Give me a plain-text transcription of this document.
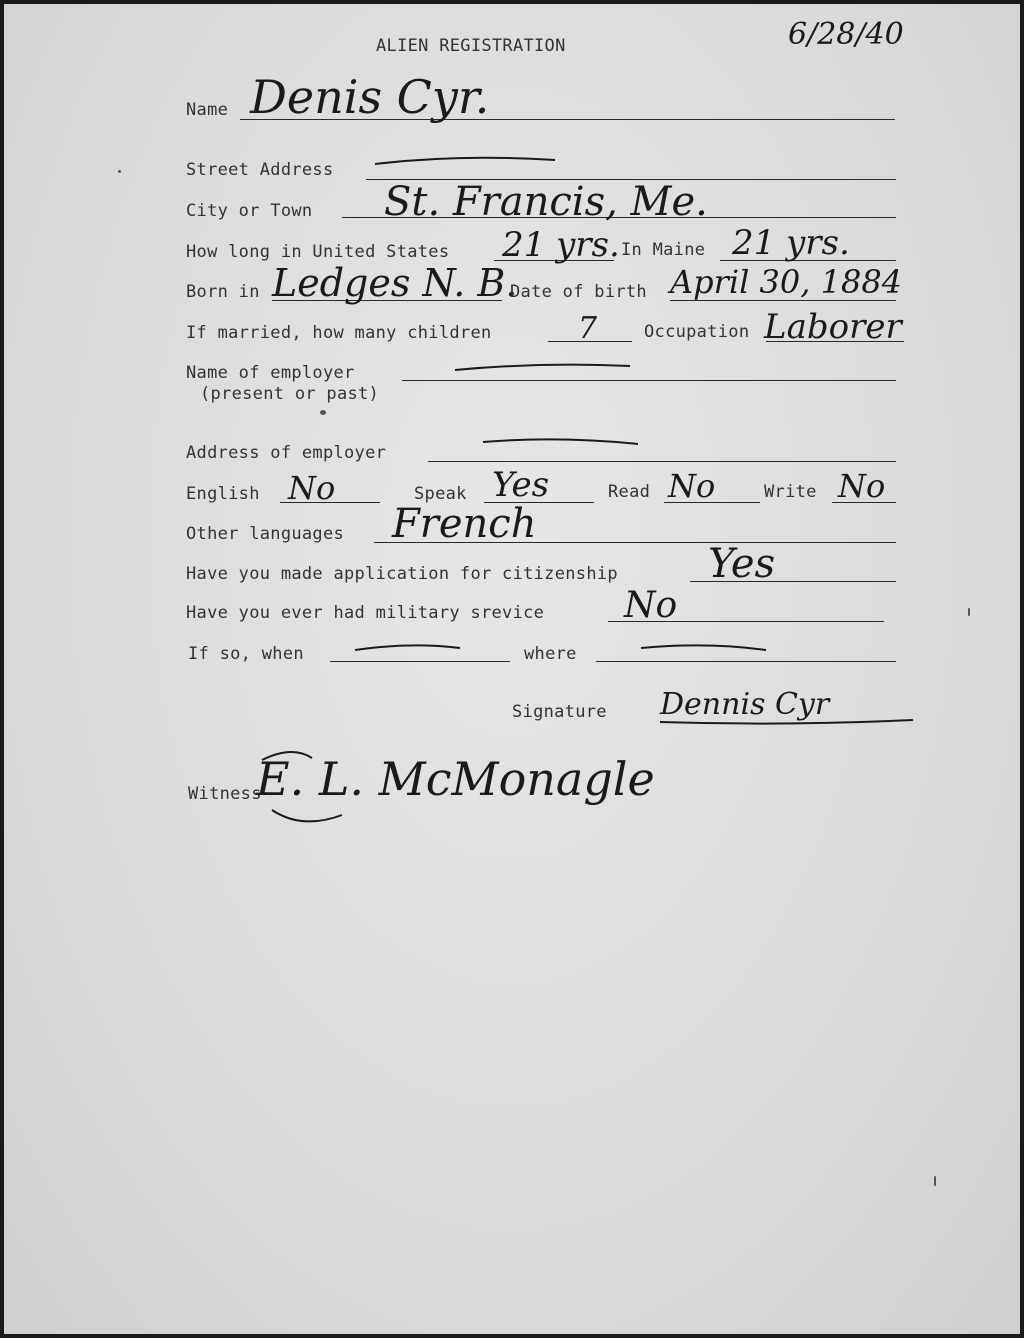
ALIEN REGISTRATION	6/28/40
Name Denis Cyr.
Street Address
City or Town St. Francis, Me.
How long in United States 21 yrs. In Maine 21 yrs.
Born in Ledges N. B.
Date of birth April 30, 1884
If married, how many children	7	Occupation Laborer
Name of employer
(present or past)
Address of employer
English No	Speak Yes	Read No	Write No
Other languages French
Have you made application for citizenship Yes
Have you ever had military srevice No
If so, when	where
Signature Dennis Cyr
Witness
E. L. McMonagle
